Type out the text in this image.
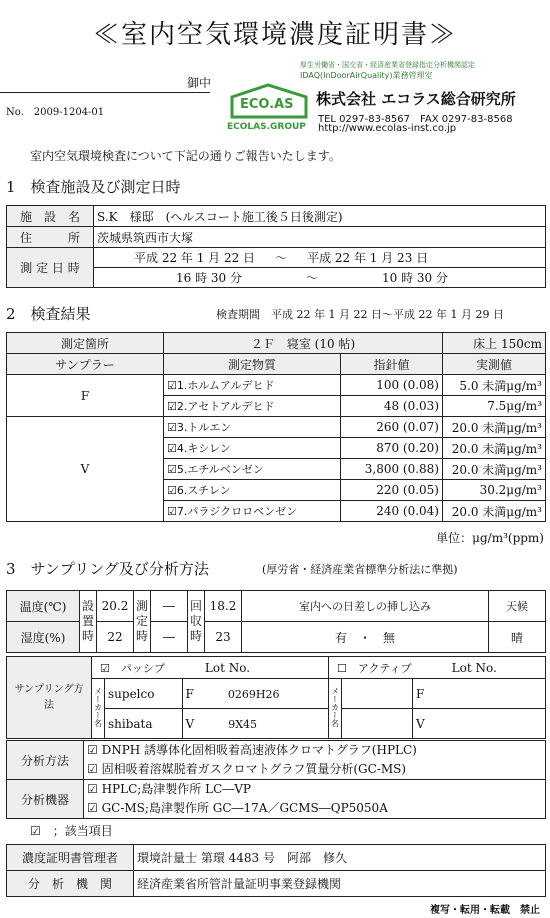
≪室内空気環境濃度証明書≫
御中
No.　2009-1204-01
厚生労働省・国交省・経済産業省登録指定分析機関認定
IDAQ(InDoorAirQuality)業務管理室
ECO.AS
ECOLAS.GROUP
株式会社 エコラス総合研究所
TEL 0297-83-8567　FAX 0297-83-8568
http://www.ecolas-inst.co.jp
室内空気環境検査について下記の通りご報告いたします。
1　検査施設及び測定日時
施　設　名	S.K　様邸　(ヘルスコート施工後５日後測定)
住　　　所	茨城県筑西市大塚
測 定 日 時	平成 22 年 1 月 22 日 ～ 平成 22 年 1 月 23 日
	16 時 30 分 ～ 10 時 30 分
2　検査結果	検査期間　平成 22 年 1 月 22 日～平成 22 年 1 月 29 日
測定箇所	２Ｆ　寝室 (10 帖)		床上 150cm
サンプラー	測定物質	指針値	実測値
F	☑1.ホルムアルデヒド	100 (0.08)	5.0 未満μg/m³
	☑2.アセトアルデヒド	48 (0.03)	7.5μg/m³
V	☑3.トルエン	260 (0.07)	20.0 未満μg/m³
	☑4.キシレン	870 (0.20)	20.0 未満μg/m³
	☑5.エチルベンゼン	3,800 (0.88)	20.0 未満μg/m³
	☑6.スチレン	220 (0.05)	30.2μg/m³
	☑7.パラジクロロベンゼン	240 (0.04)	20.0 未満μg/m³
単位：μg/m³(ppm)
3　サンプリング及び分析方法	(厚労省・経済産業省標準分析法に準拠)
温度(℃)	設置時	20.2	測定時	―	回収時	18.2	室内への日差しの挿し込み	天候
湿度(%)		22		―		23	有　・　無	晴
サンプリング方法	☑　パッシブ Lot No.			☐　アクティブ Lot No.		
	メーカー名	supelco	F 0269H26	メーカー名		F
		shibata	V 9X45			V
分析方法	☑ DNPH 誘導体化固相吸着高速液体クロマトグラフ(HPLC)
☑ 固相吸着溶媒脱着ガスクロマトグラフ質量分析(GC-MS)

分析機器	☑ HPLC;島津製作所 LC―VP
☑ GC-MS;島津製作所 GC―17A／GCMS―QP5050A
☑　；該当項目
濃度証明書管理者	環境計量士 第環 4483 号　阿部　修久
分　析　機　関	経済産業省所管計量証明事業登録機関
複写・転用・転載　禁止
